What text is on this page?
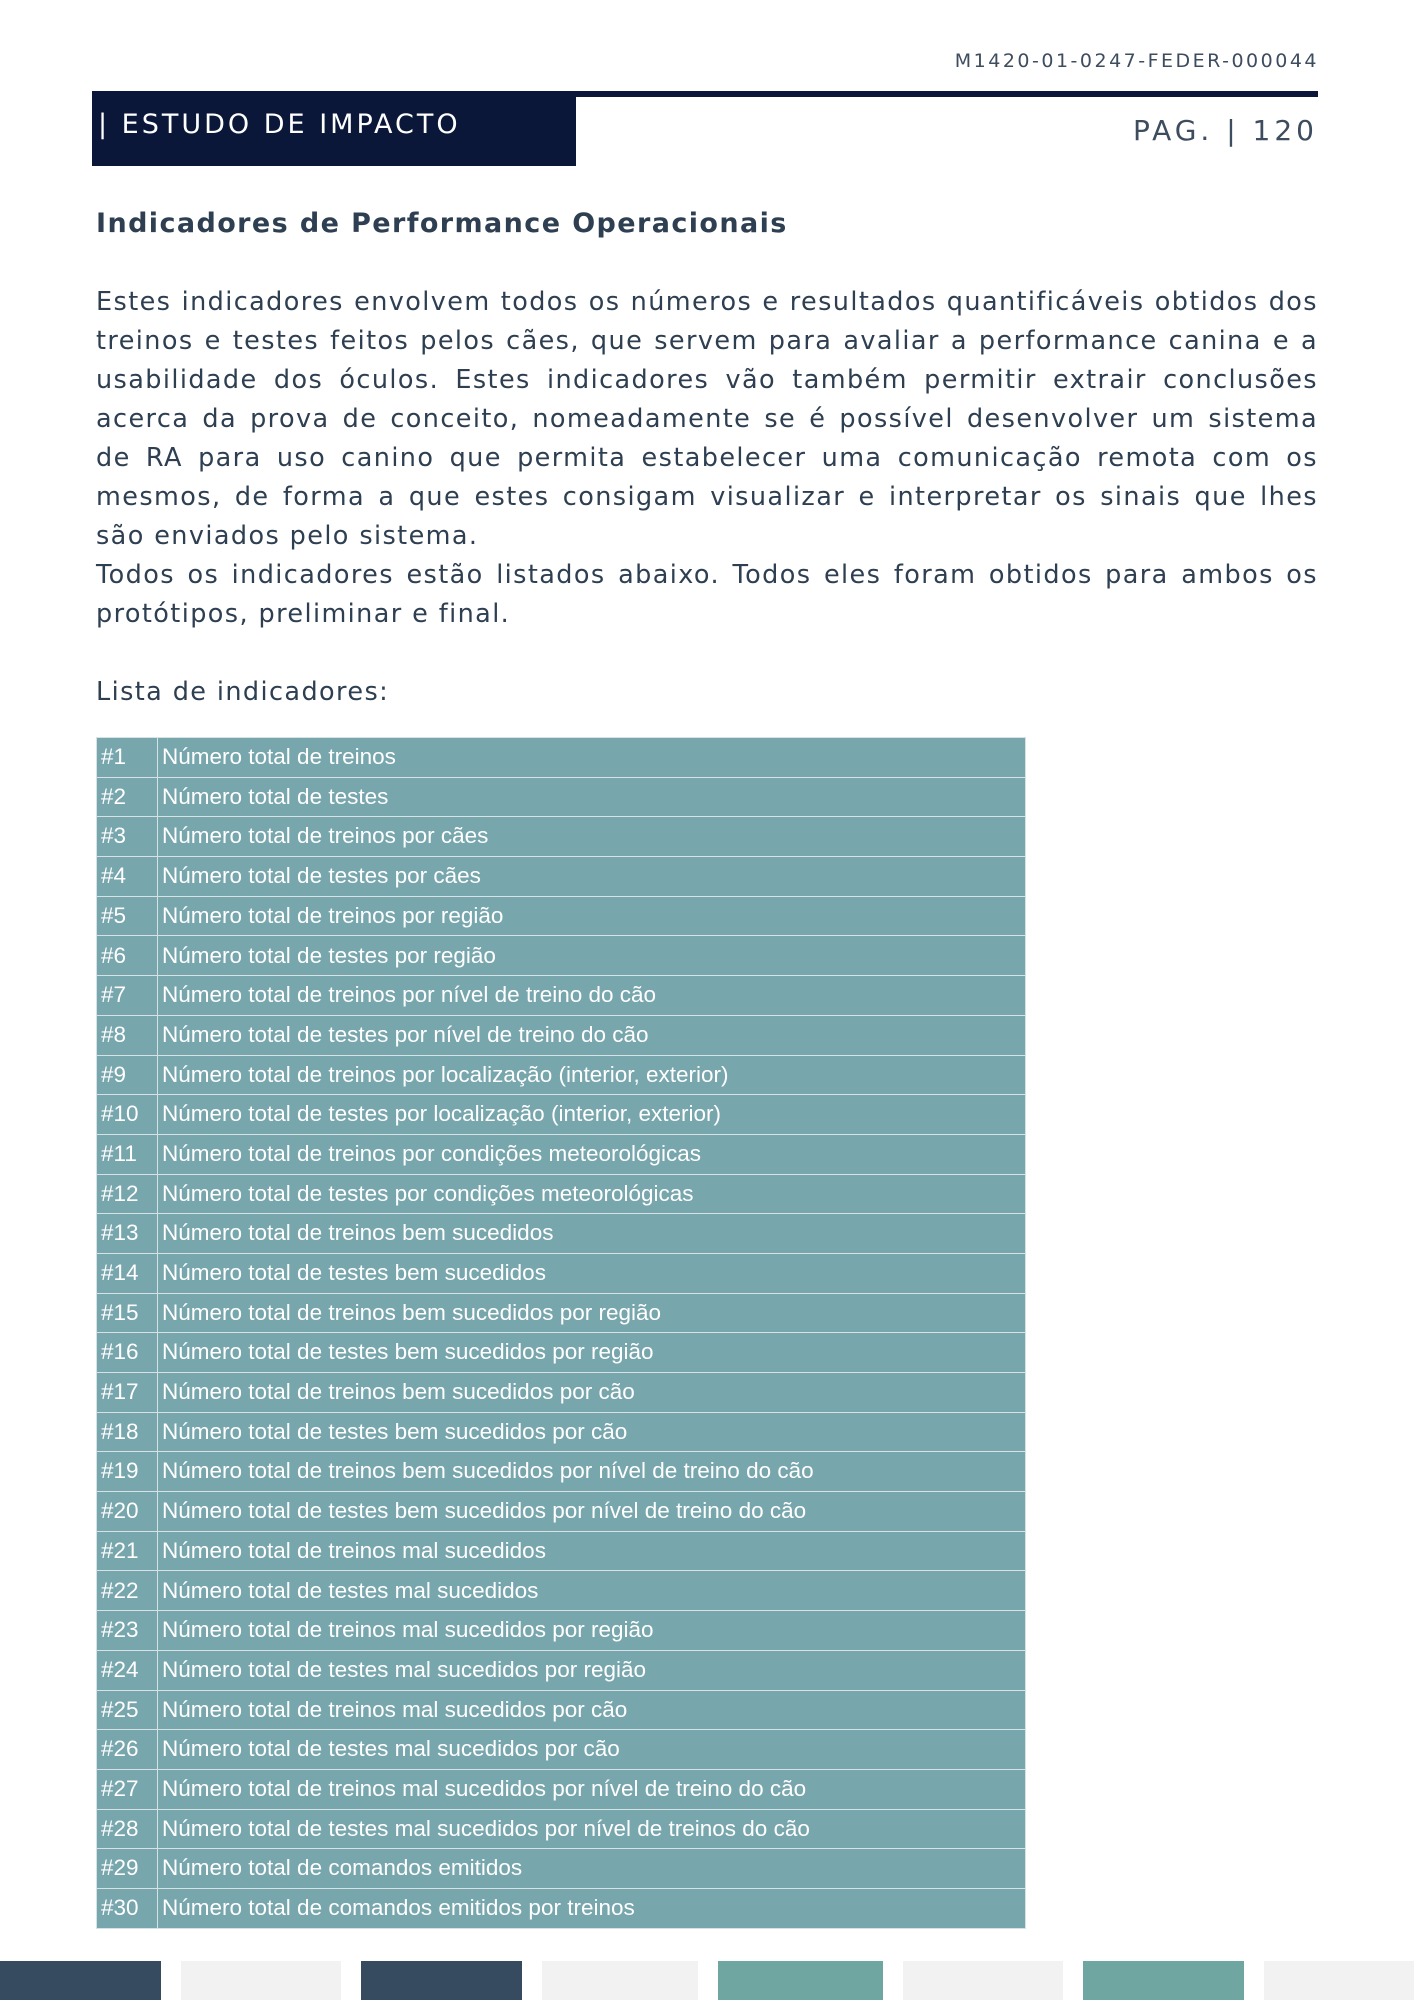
M1420-01-0247-FEDER-000044
| ESTUDO DE IMPACTO	PAG. | 120
Indicadores de Performance Operacionais

Estes indicadores envolvem todos os números e resultados quantificáveis obtidos dos treinos e testes feitos pelos cães, que servem para avaliar a performance canina e a usabilidade dos óculos. Estes indicadores vão também permitir extrair conclusões acerca da prova de conceito, nomeadamente se é possível desenvolver um sistema de RA para uso canino que permita estabelecer uma comunicação remota com os mesmos, de forma a que estes consigam visualizar e interpretar os sinais que lhes são enviados pelo sistema.

Todos os indicadores estão listados abaixo. Todos eles foram obtidos para ambos os protótipos, preliminar e final.

Lista de indicadores:
#1	Número total de treinos
#2	Número total de testes
#3	Número total de treinos por cães
#4	Número total de testes por cães
#5	Número total de treinos por região
#6	Número total de testes por região
#7	Número total de treinos por nível de treino do cão
#8	Número total de testes por nível de treino do cão
#9	Número total de treinos por localização (interior, exterior)
#10	Número total de testes por localização (interior, exterior)
#11	Número total de treinos por condições meteorológicas
#12	Número total de testes por condições meteorológicas
#13	Número total de treinos bem sucedidos
#14	Número total de testes bem sucedidos
#15	Número total de treinos bem sucedidos por região
#16	Número total de testes bem sucedidos por região
#17	Número total de treinos bem sucedidos por cão
#18	Número total de testes bem sucedidos por cão
#19	Número total de treinos bem sucedidos por nível de treino do cão
#20	Número total de testes bem sucedidos por nível de treino do cão
#21	Número total de treinos mal sucedidos
#22	Número total de testes mal sucedidos
#23	Número total de treinos mal sucedidos por região
#24	Número total de testes mal sucedidos por região
#25	Número total de treinos mal sucedidos por cão
#26	Número total de testes mal sucedidos por cão
#27	Número total de treinos mal sucedidos por nível de treino do cão
#28	Número total de testes mal sucedidos por nível de treinos do cão
#29	Número total de comandos emitidos
#30	Número total de comandos emitidos por treinos
